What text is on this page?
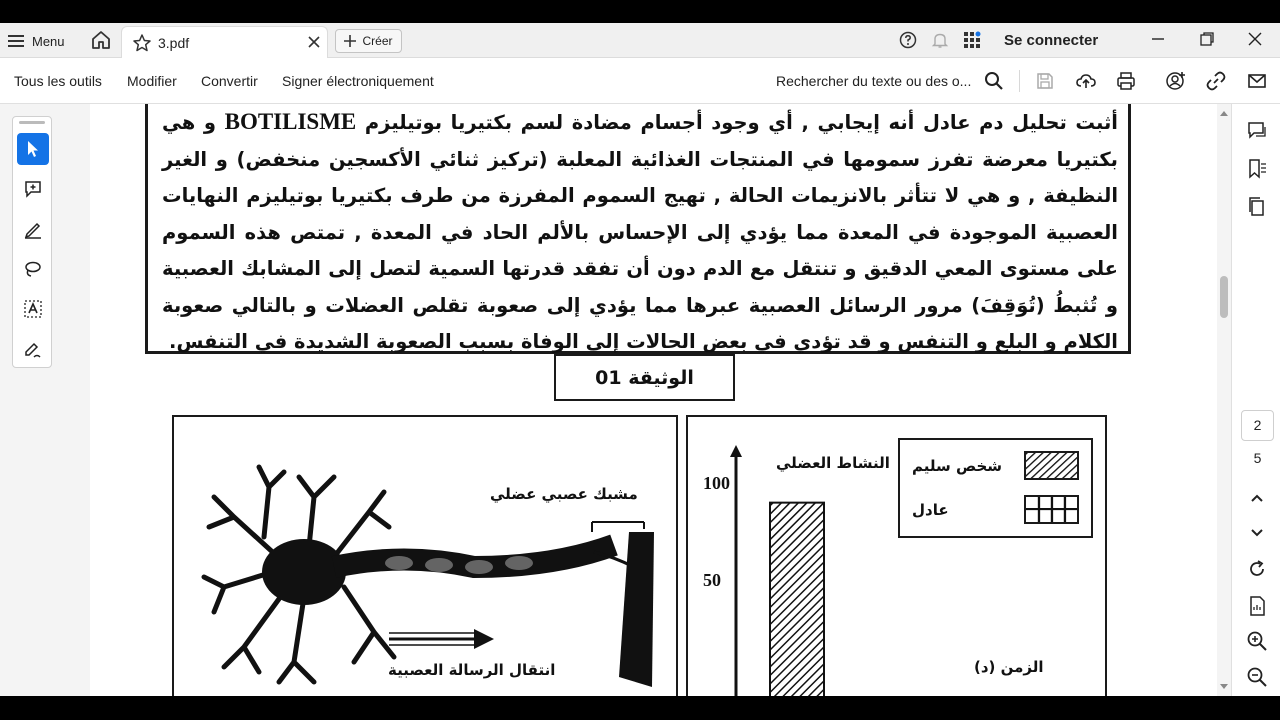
Menu	3.pdf	Créer	Se connecter
Tous les outils Modifier Convertir Signer électroniquement	Rechercher du texte ou des o...

أثبت تحليل دم عادل أنه إيجابي , أي وجود أجسام مضادة لسم بكتيريا بوتيليزم BOTILISME و هي بكتيريا معرضة تفرز سمومها في المنتجات الغذائية المعلبة (تركيز ثنائي الأكسجين منخفض) و الغير النظيفة , و هي لا تتأثر بالانزيمات الحالة , تهيج السموم المفرزة من طرف بكتيريا بوتيليزم النهايات العصبية الموجودة في المعدة مما يؤدي إلى الإحساس بالألم الحاد في المعدة , تمتص هذه السموم على مستوى المعي الدقيق و تنتقل مع الدم دون أن تفقد قدرتها السمية لتصل إلى المشابك العصبية و تُثبطُ (تُوَقِفَ) مرور الرسائل العصبية عبرها مما يؤدي إلى صعوبة تقلص العضلات و بالتالي صعوبة الكلام و البلع و التنفس و قد تؤدي في بعض الحالات إلى الوفاة بسبب الصعوبة الشديدة في التنفس.

الوثيقة 01
مشبك عصبي عضلي
انتقال الرسالة العصبية
النشاط العضلي
الزمن (د)
100
50
شخص سليم
عادل
2
5
